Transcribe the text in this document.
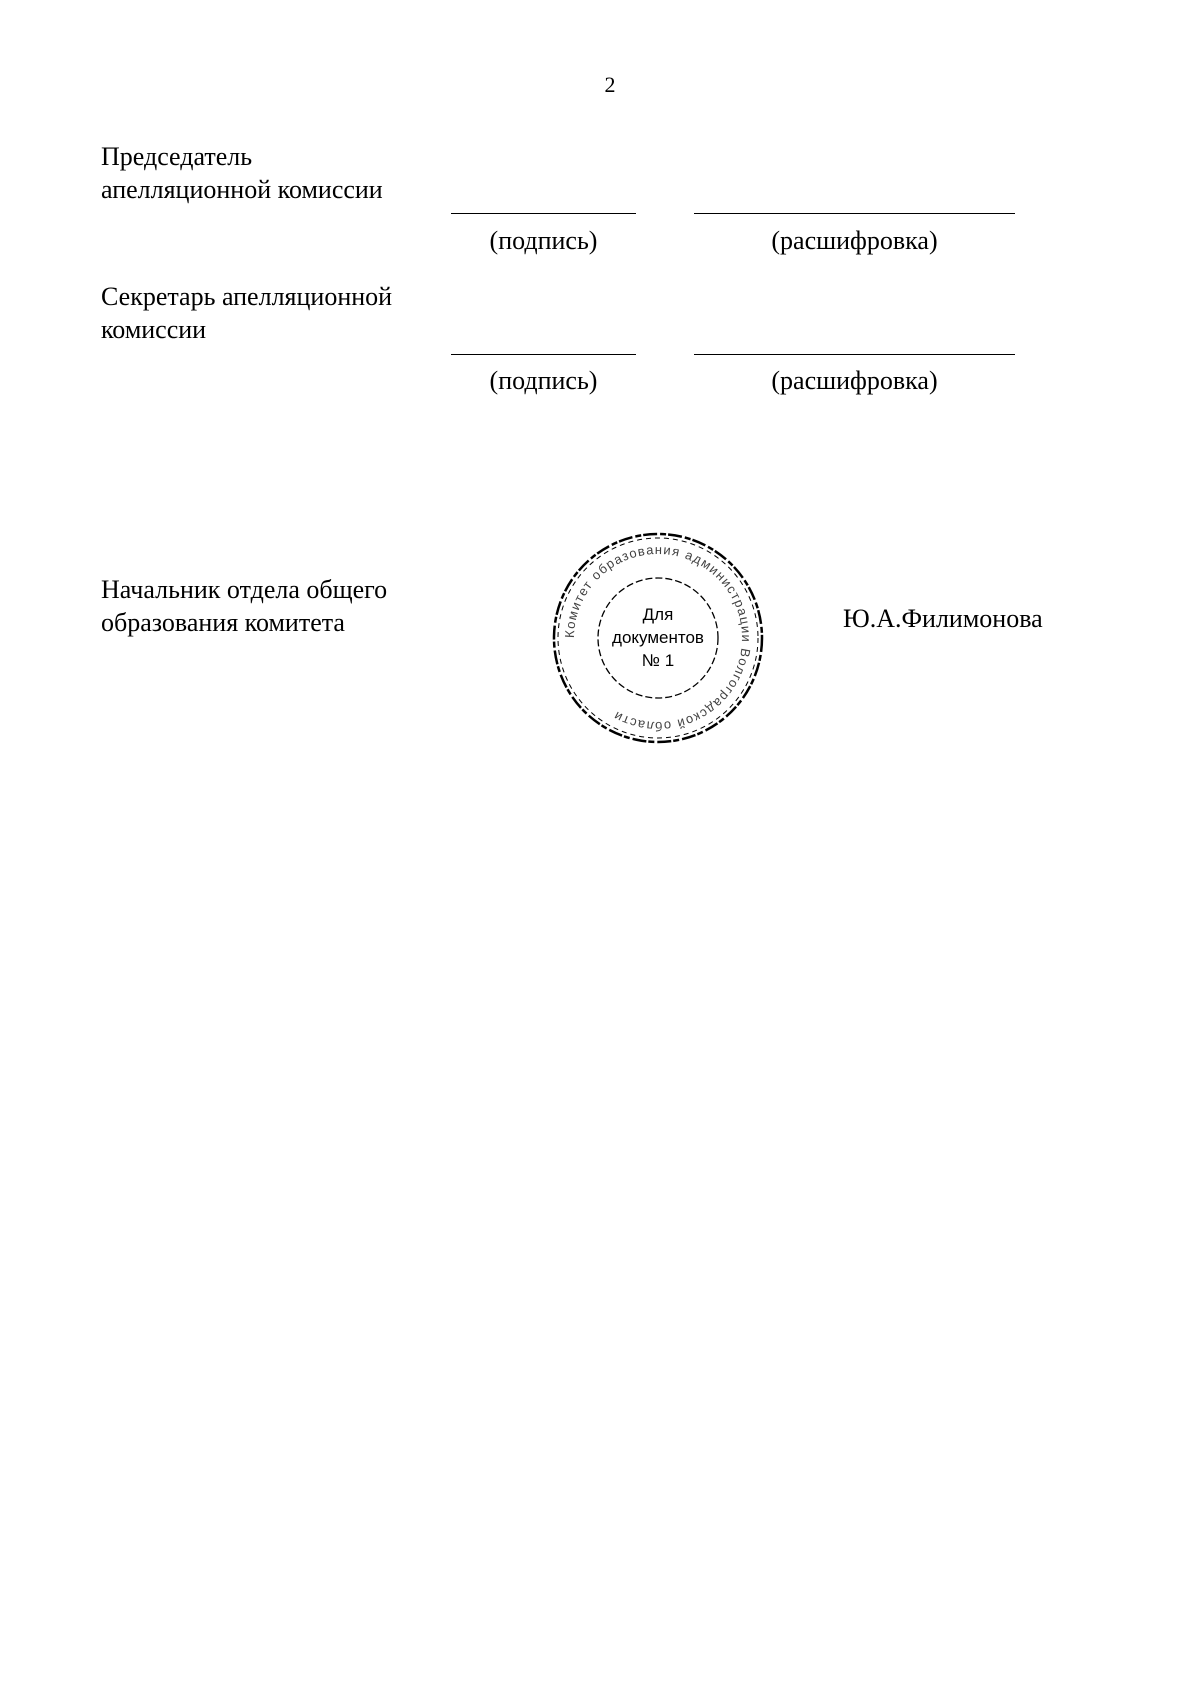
2
Председатель
апелляционной комиссии
(подпись)	(расшифровка)
Секретарь апелляционной
комиссии
(подпись)	(расшифровка)
Начальник отдела общего
образования комитета	Комитет образования администрации Волгоградской области
Для
документов
№ 1
Ю.А.Филимонова
